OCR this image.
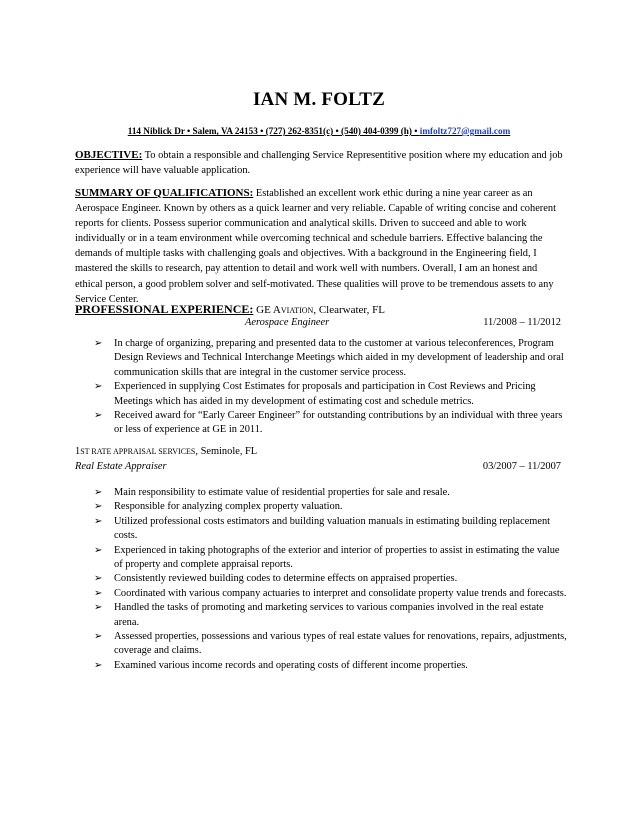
IAN M. FOLTZ
114 Niblick Dr • Salem, VA 24153 • (727) 262-8351(c) • (540) 404-0399 (h) • imfoltz727@gmail.com
OBJECTIVE: To obtain a responsible and challenging Service Representitive position where my education and job experience will have valuable application.
SUMMARY OF QUALIFICATIONS: Established an excellent work ethic during a nine year career as an Aerospace Engineer. Known by others as a quick learner and very reliable. Capable of writing concise and coherent reports for clients. Possess superior communication and analytical skills. Driven to succeed and able to work individually or in a team environment while overcoming technical and schedule barriers. Effective balancing the demands of multiple tasks with challenging goals and objectives. With a background in the Engineering field, I mastered the skills to research, pay attention to detail and work well with numbers. Overall, I am an honest and ethical person, a good problem solver and self-motivated. These qualities will prove to be tremendous assets to any Service Center.
PROFESSIONAL EXPERIENCE: GE AVIATION, Clearwater, FL
Aerospace Engineer	11/2008 – 11/2012
➢ In charge of organizing, preparing and presented data to the customer at various teleconferences, Program Design Reviews and Technical Interchange Meetings which aided in my development of leadership and oral communication skills that are integral in the customer service process.
➢ Experienced in supplying Cost Estimates for proposals and participation in Cost Reviews and Pricing Meetings which has aided in my development of estimating cost and schedule metrics.
➢ Received award for “Early Career Engineer” for outstanding contributions by an individual with three years or less of experience at GE in 2011.
1ST RATE APPRAISAL SERVICES, Seminole, FL
Real Estate Appraiser	03/2007 – 11/2007
➢ Main responsibility to estimate value of residential properties for sale and resale.
➢ Responsible for analyzing complex property valuation.
➢ Utilized professional costs estimators and building valuation manuals in estimating building replacement costs.
➢ Experienced in taking photographs of the exterior and interior of properties to assist in estimating the value of property and complete appraisal reports.
➢ Consistently reviewed building codes to determine effects on appraised properties.
➢ Coordinated with various company actuaries to interpret and consolidate property value trends and forecasts.
➢ Handled the tasks of promoting and marketing services to various companies involved in the real estate arena.
➢ Assessed properties, possessions and various types of real estate values for renovations, repairs, adjustments, coverage and claims.
➢ Examined various income records and operating costs of different income properties.
